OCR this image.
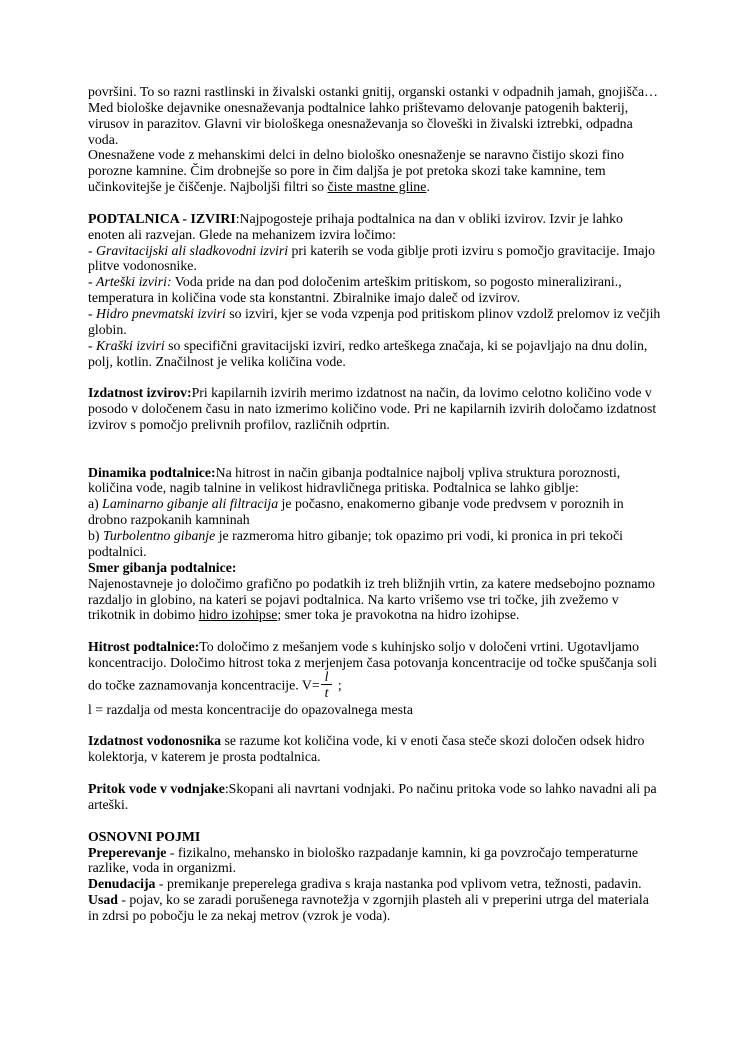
površini. To so razni rastlinski in živalski ostanki gnitij, organski ostanki v odpadnih jamah, gnojišča…
Med biološke dejavnike onesnaževanja podtalnice lahko prištevamo delovanje patogenih bakterij, virusov in parazitov. Glavni vir biološkega onesnaževanja so človeški in živalski iztrebki, odpadna voda.
Onesnažene vode z mehanskimi delci in delno biološko onesnaženje se naravno čistijo skozi fino porozne kamnine. Čim drobnejše so pore in čim daljša je pot pretoka skozi take kamnine, tem učinkovitejše je čiščenje. Najboljši filtri so čiste mastne gline.

PODTALNICA - IZVIRI:Najpogosteje prihaja podtalnica na dan v obliki izvirov. Izvir je lahko enoten ali razvejan. Glede na mehanizem izvira ločimo:
- Gravitacijski ali sladkovodni izviri pri katerih se voda giblje proti izviru s pomočjo gravitacije. Imajo plitve vodonosnike.
- Arteški izviri: Voda pride na dan pod določenim arteškim pritiskom, so pogosto mineralizirani., temperatura in količina vode sta konstantni. Zbiralnike imajo daleč od izvirov.
- Hidro pnevmatski izviri so izviri, kjer se voda vzpenja pod pritiskom plinov vzdolž prelomov iz večjih globin.
- Kraški izviri so specifični gravitacijski izviri, redko arteškega značaja, ki se pojavljajo na dnu dolin, polj, kotlin. Značilnost je velika količina vode.

Izdatnost izvirov:Pri kapilarnih izvirih merimo izdatnost na način, da lovimo celotno količino vode v posodo v določenem času in nato izmerimo količino vode. Pri ne kapilarnih izvirih določamo izdatnost izvirov s pomočjo prelivnih profilov, različnih odprtin.

Dinamika podtalnice:Na hitrost in način gibanja podtalnice najbolj vpliva struktura poroznosti, količina vode, nagib talnine in velikost hidravličnega pritiska. Podtalnica se lahko giblje:
a) Laminarno gibanje ali filtracija je počasno, enakomerno gibanje vode predvsem v poroznih in drobno razpokanih kamninah
b) Turbolentno gibanje je razmeroma hitro gibanje; tok opazimo pri vodi, ki pronica in pri tekoči podtalnici.
Smer gibanja podtalnice:
Najenostavneje jo določimo grafično po podatkih iz treh bližnjih vrtin, za katere medsebojno poznamo razdaljo in globino, na kateri se pojavi podtalnica. Na karto vrišemo vse tri točke, jih zvežemo v trikotnik in dobimo hidro izohipse; smer toka je pravokotna na hidro izohipse.

Hitrost podtalnice:To določimo z mešanjem vode s kuhinjsko soljo v določeni vrtini. Ugotavljamo koncentracijo. Določimo hitrost toka z merjenjem časa potovanja koncentracije od točke spuščanja soli do točke zaznamovanja koncentracije. $V= \frac{l}{t}$ ;
l = razdalja od mesta koncentracije do opazovalnega mesta

Izdatnost vodonosnika se razume kot količina vode, ki v enoti časa steče skozi določen odsek hidro kolektorja, v katerem je prosta podtalnica.

Pritok vode v vodnjake:Skopani ali navrtani vodnjaki. Po načinu pritoka vode so lahko navadni ali pa arteški.

OSNOVNI POJMI
Preperevanje - fizikalno, mehansko in biološko razpadanje kamnin, ki ga povzročajo temperaturne razlike, voda in organizmi.
Denudacija - premikanje preperelega gradiva s kraja nastanka pod vplivom vetra, težnosti, padavin.
Usad - pojav, ko se zaradi porušenega ravnotežja v zgornjih plasteh ali v preperini utrga del materiala in zdrsi po pobočju le za nekaj metrov (vzrok je voda).
